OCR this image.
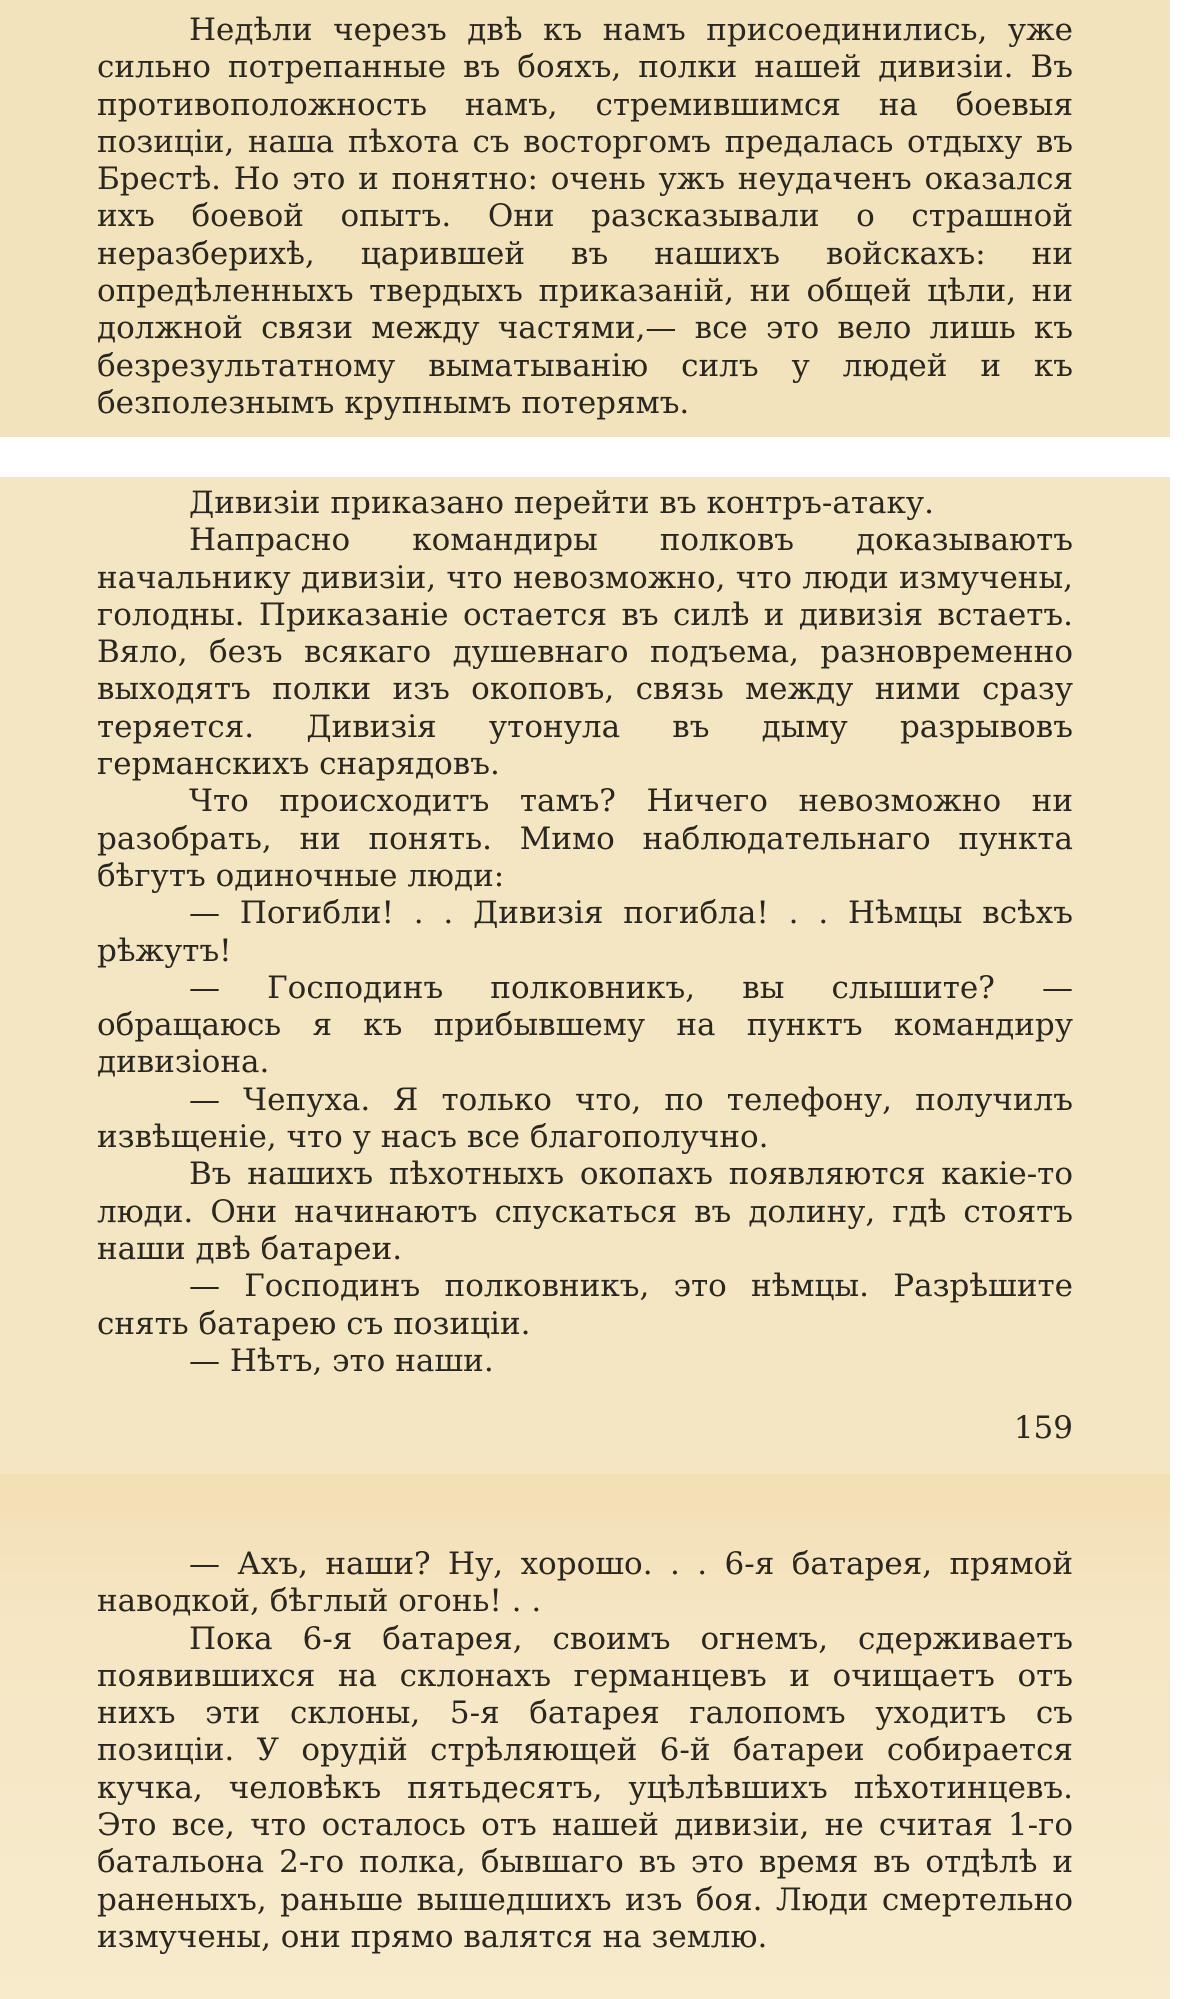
Недѣли черезъ двѣ къ намъ присоединились, уже сильно потрепанные въ бояхъ, полки нашей дивизіи. Въ противоположность намъ, стремившимся на боевыя позиціи, наша пѣхота съ восторгомъ предалась отдыху въ Брестѣ. Но это и понятно: очень ужъ неудаченъ оказался ихъ боевой опытъ. Они разсказывали о страшной неразберихѣ, царившей въ нашихъ войскахъ: ни опредѣленныхъ твердыхъ приказаній, ни общей цѣли, ни должной связи между частями,— все это вело лишь къ безрезультатному выматыванію силъ у людей и къ безполезнымъ крупнымъ потерямъ.

Дивизіи приказано перейти въ контръ-атаку.

Напрасно командиры полковъ доказываютъ начальнику дивизіи, что невозможно, что люди измучены, голодны. Приказаніе остается въ силѣ и дивизія встаетъ. Вяло, безъ всякаго душевнаго подъема, разновременно выходятъ полки изъ окоповъ, связь между ними сразу теряется. Дивизія утонула въ дыму разрывовъ германскихъ снарядовъ.

Что происходитъ тамъ? Ничего невозможно ни разобрать, ни понять. Мимо наблюдательнаго пункта бѣгутъ одиночные люди:

— Погибли! . . Дивизія погибла! . . Нѣмцы всѣхъ рѣжутъ!

— Господинъ полковникъ, вы слышите? — обращаюсь я къ прибывшему на пунктъ командиру дивизіона.

— Чепуха. Я только что, по телефону, получилъ извѣщеніе, что у насъ все благополучно.

Въ нашихъ пѣхотныхъ окопахъ появляются какіе-то люди. Они начинаютъ спускаться въ долину, гдѣ стоятъ наши двѣ батареи.

— Господинъ полковникъ, это нѣмцы. Разрѣшите снять батарею съ позиціи.

— Нѣтъ, это наши.

159

— Ахъ, наши? Ну, хорошо. . . 6-я батарея, прямой наводкой, бѣглый огонь! . .

Пока 6-я батарея, своимъ огнемъ, сдерживаетъ появившихся на склонахъ германцевъ и очищаетъ отъ нихъ эти склоны, 5-я батарея галопомъ уходитъ съ позиціи. У орудій стрѣляющей 6-й батареи собирается кучка, человѣкъ пятьдесятъ, уцѣлѣвшихъ пѣхотинцевъ. Это все, что осталось отъ нашей дивизіи, не считая 1-го батальона 2-го полка, бывшаго въ это время въ отдѣлѣ и раненыхъ, раньше вышедшихъ изъ боя. Люди смертельно измучены, они прямо валятся на землю.
